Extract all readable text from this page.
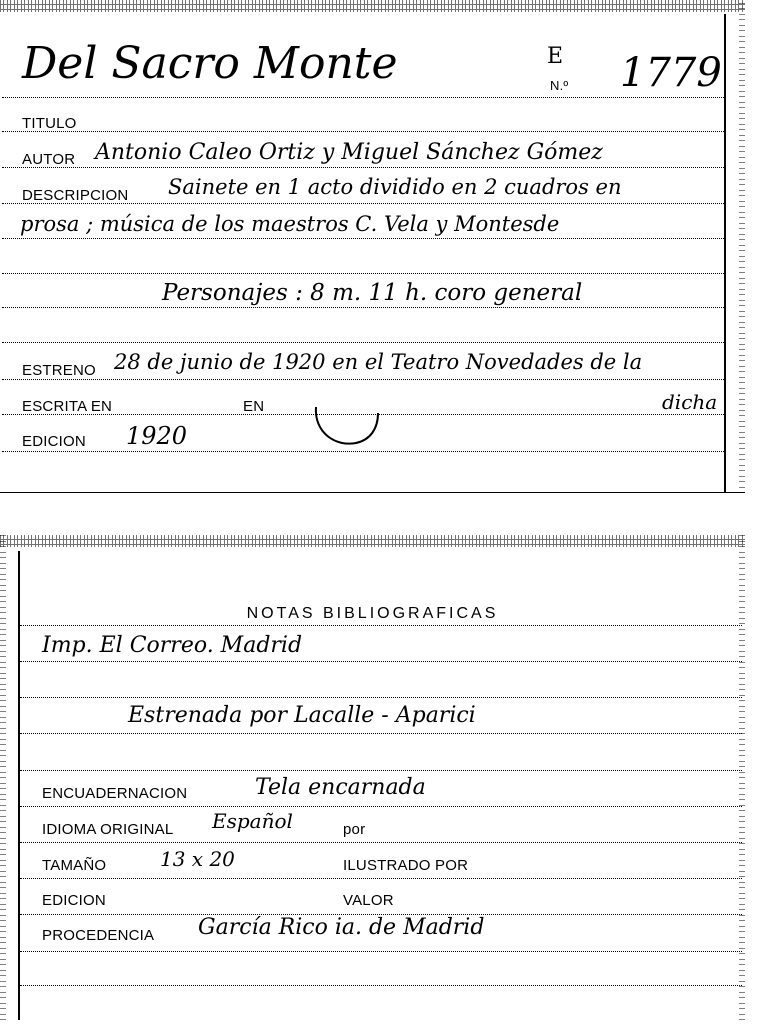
Del Sacro Monte	E
N.º 1779
TITULO
AUTOR Antonio Caleo Ortiz y Miguel Sánchez Gómez
DESCRIPCION Sainete en 1 acto dividido en 2 cuadros en
prosa ; música de los maestros C. Vela y Montesde
Personajes : 8 m. 11 h. coro general
ESTRENO 28 de junio de 1920 en el Teatro Novedades de la
ESCRITA EN	EN	dicha
EDICION 1920
NOTAS BIBLIOGRAFICAS
Imp. El Correo. Madrid
Estrenada por Lacalle - Aparici
ENCUADERNACION	Tela encarnada
IDIOMA ORIGINAL Español	por
TAMAÑO	13 x 20	ILUSTRADO POR
EDICION	VALOR
PROCEDENCIA García Rico ia. de Madrid
